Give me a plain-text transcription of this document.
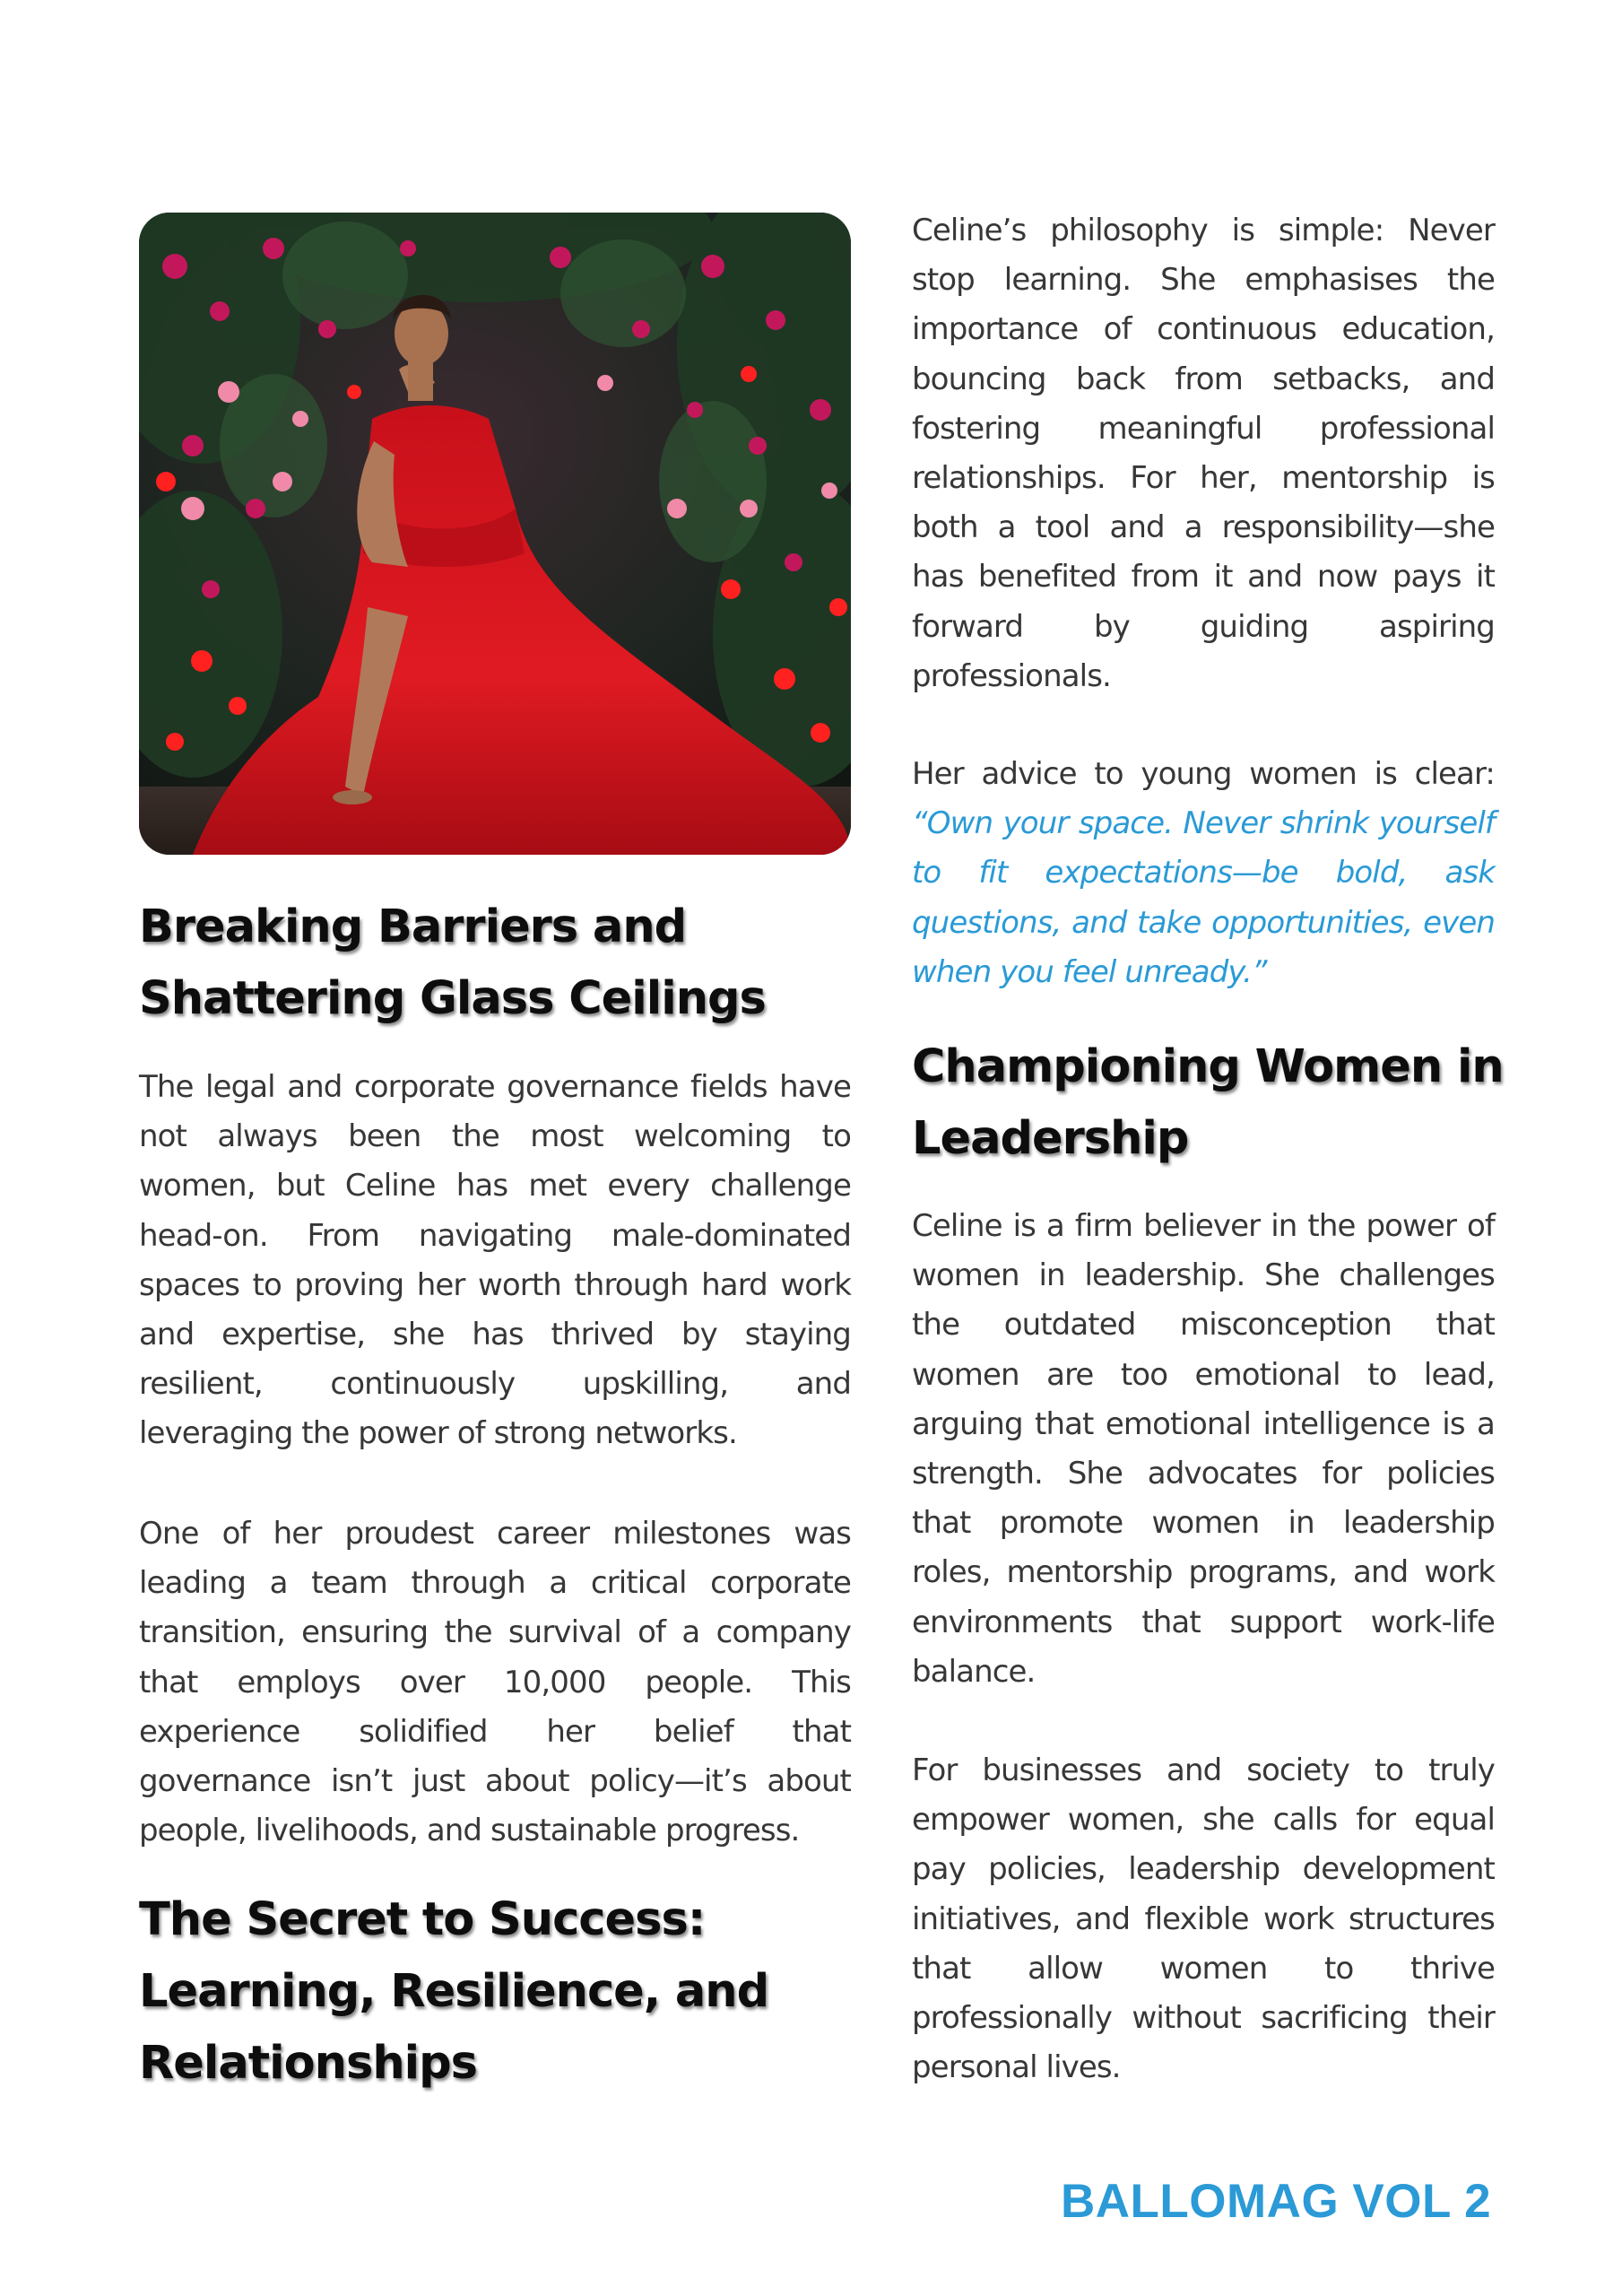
Breaking Barriers and
Shattering Glass Ceilings
The legal and corporate governance fields have
not always been the most welcoming to
women, but Celine has met every challenge
head-on. From navigating male-dominated
spaces to proving her worth through hard work
and expertise, she has thrived by staying
resilient, continuously upskilling, and
leveraging the power of strong networks.
One of her proudest career milestones was
leading a team through a critical corporate
transition, ensuring the survival of a company
that employs over 10,000 people. This
experience solidified her belief that
governance isn’t just about policy—it’s about
people, livelihoods, and sustainable progress.
The Secret to Success:
Learning, Resilience, and
Relationships
Celine’s philosophy is simple: Never
stop learning. She emphasises the
importance of continuous education,
bouncing back from setbacks, and
fostering meaningful professional
relationships. For her, mentorship is
both a tool and a responsibility—she
has benefited from it and now pays it
forward by guiding aspiring
professionals.
Her advice to young women is clear:
“Own your space. Never shrink yourself
to fit expectations—be bold, ask
questions, and take opportunities, even
when you feel unready.”
Championing Women in
Leadership
Celine is a firm believer in the power of
women in leadership. She challenges
the outdated misconception that
women are too emotional to lead,
arguing that emotional intelligence is a
strength. She advocates for policies
that promote women in leadership
roles, mentorship programs, and work
environments that support work-life
balance.
For businesses and society to truly
empower women, she calls for equal
pay policies, leadership development
initiatives, and flexible work structures
that allow women to thrive
professionally without sacrificing their
personal lives.
BALLOMAG VOL 2
